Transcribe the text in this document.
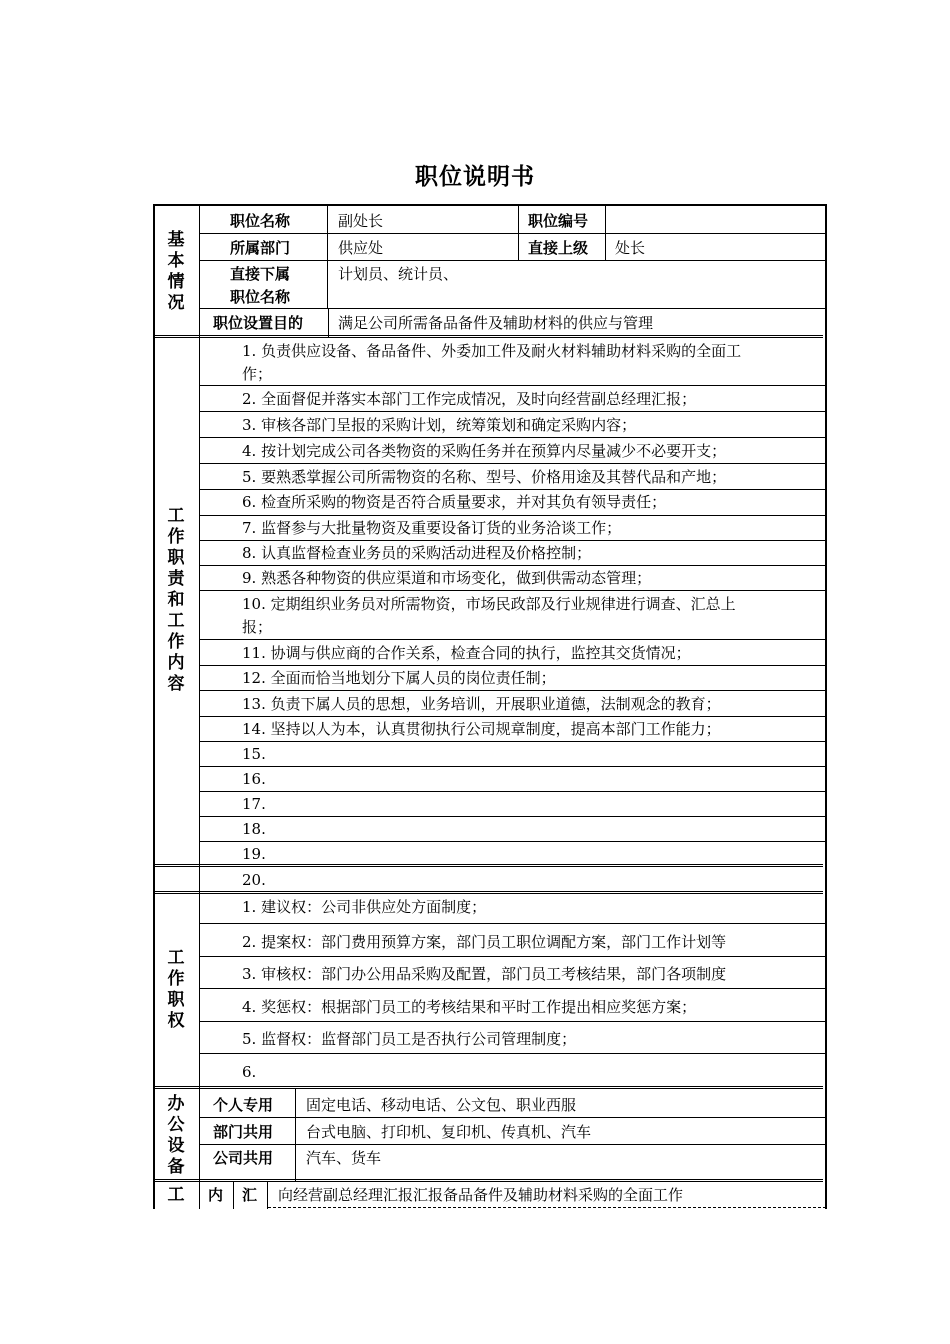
职位说明书
基本情况
职位名称	副处长	职位编号
所属部门	供应处	直接上级 处长
直接下属
职位名称
计划员、统计员、
职位设置目的 满足公司所需备品备件及辅助材料的供应与管理
工作职责和工作内容
1. 负责供应设备、备品备件、外委加工件及耐火材料辅助材料采购的全面工
作；
2. 全面督促并落实本部门工作完成情况，及时向经营副总经理汇报；
3. 审核各部门呈报的采购计划，统筹策划和确定采购内容；
4. 按计划完成公司各类物资的采购任务并在预算内尽量减少不必要开支；
5. 要熟悉掌握公司所需物资的名称、型号、价格用途及其替代品和产地；
6. 检查所采购的物资是否符合质量要求，并对其负有领导责任；
7. 监督参与大批量物资及重要设备订货的业务洽谈工作；
8. 认真监督检查业务员的采购活动进程及价格控制；
9. 熟悉各种物资的供应渠道和市场变化，做到供需动态管理；
10. 定期组织业务员对所需物资，市场民政部及行业规律进行调查、汇总上
报；
11. 协调与供应商的合作关系，检查合同的执行，监控其交货情况；
12. 全面而恰当地划分下属人员的岗位责任制；
13. 负责下属人员的思想，业务培训，开展职业道德，法制观念的教育；
14. 坚持以人为本，认真贯彻执行公司规章制度，提高本部门工作能力；
15.
16.
17.
18.
19.
20.
工作职权
1. 建议权：公司非供应处方面制度；
2. 提案权：部门费用预算方案，部门员工职位调配方案，部门工作计划等
3. 审核权：部门办公用品采购及配置，部门员工考核结果，部门各项制度
4. 奖惩权：根据部门员工的考核结果和平时工作提出相应奖惩方案；
5. 监督权：监督部门员工是否执行公司管理制度；
6.
办公设备
个人专用 固定电话、移动电话、公文包、职业西服
部门共用 台式电脑、打印机、复印机、传真机、汽车
公司共用 汽车、货车
工 内 汇 向经营副总经理汇报汇报备品备件及辅助材料采购的全面工作
